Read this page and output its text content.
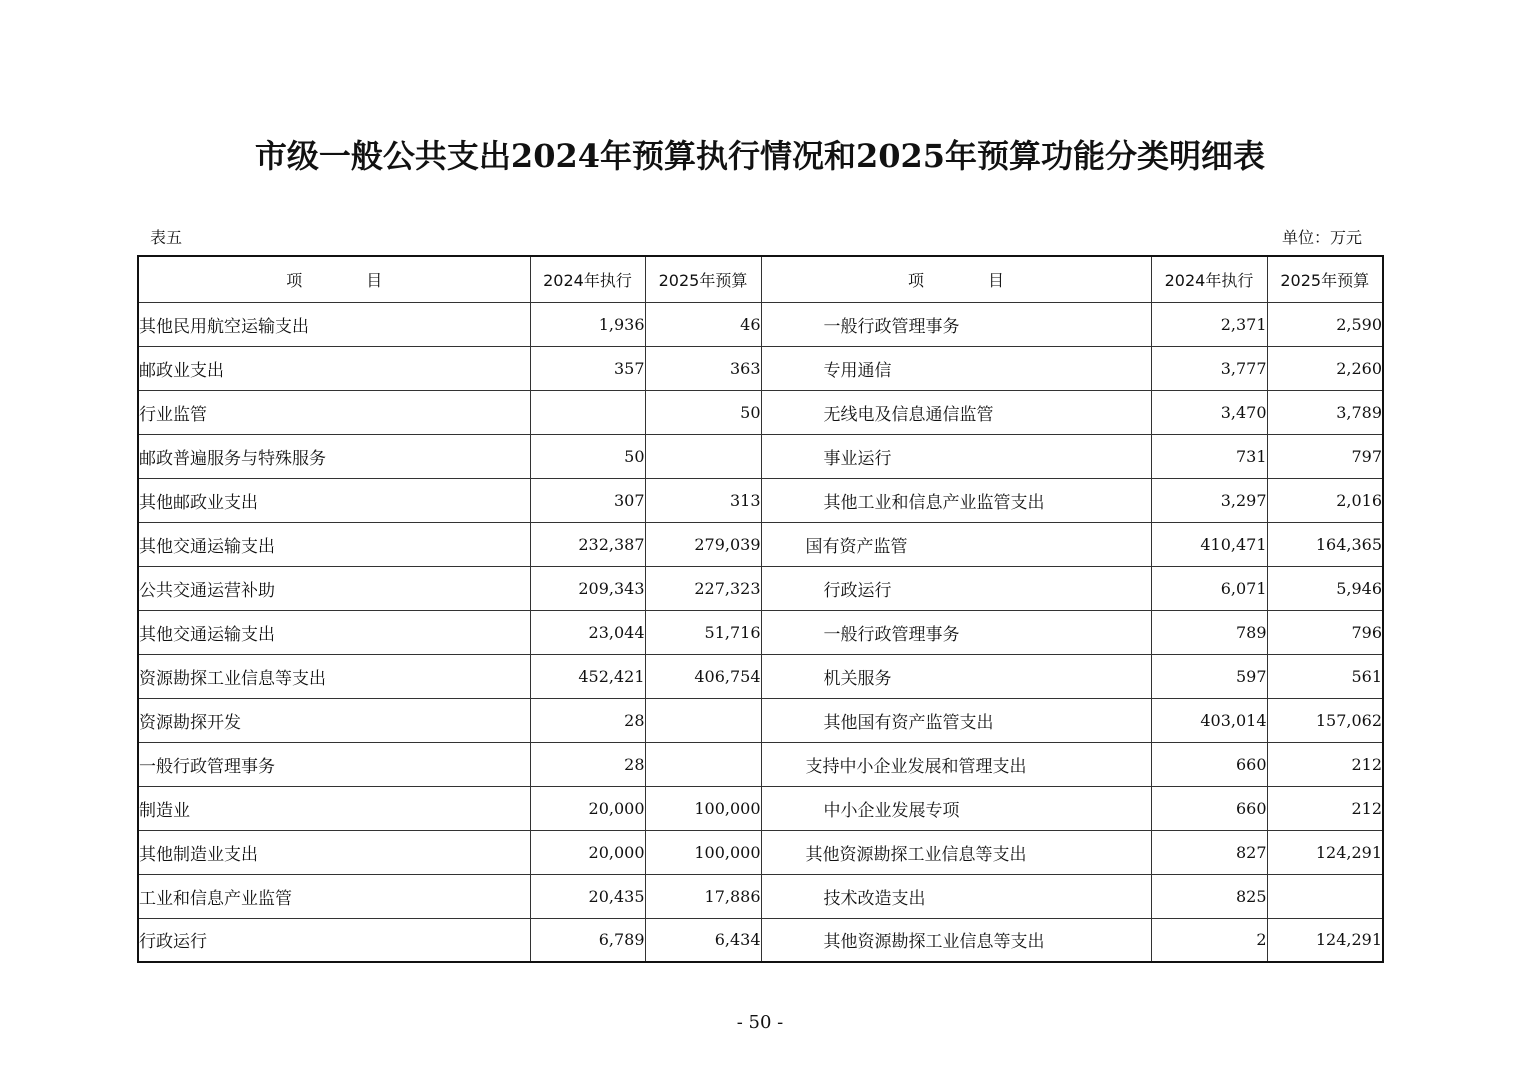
市级一般公共支出2024年预算执行情况和2025年预算功能分类明细表
表五	单位：万元
项　　　　目	2024年执行	2025年预算	项　　　　目	2024年执行	2025年预算
其他民用航空运输支出	1,936	46	一般行政管理事务	2,371	2,590
邮政业支出	357	363	专用通信	3,777	2,260
行业监管		50	无线电及信息通信监管	3,470	3,789
邮政普遍服务与特殊服务	50		事业运行	731	797
其他邮政业支出	307	313	其他工业和信息产业监管支出	3,297	2,016
其他交通运输支出	232,387	279,039	国有资产监管	410,471	164,365
公共交通运营补助	209,343	227,323	行政运行	6,071	5,946
其他交通运输支出	23,044	51,716	一般行政管理事务	789	796
资源勘探工业信息等支出	452,421	406,754	机关服务	597	561
资源勘探开发	28		其他国有资产监管支出	403,014	157,062
一般行政管理事务	28		支持中小企业发展和管理支出	660	212
制造业	20,000	100,000	中小企业发展专项	660	212
其他制造业支出	20,000	100,000	其他资源勘探工业信息等支出	827	124,291
工业和信息产业监管	20,435	17,886	技术改造支出	825	
行政运行	6,789	6,434	其他资源勘探工业信息等支出	2	124,291
- 50 -
